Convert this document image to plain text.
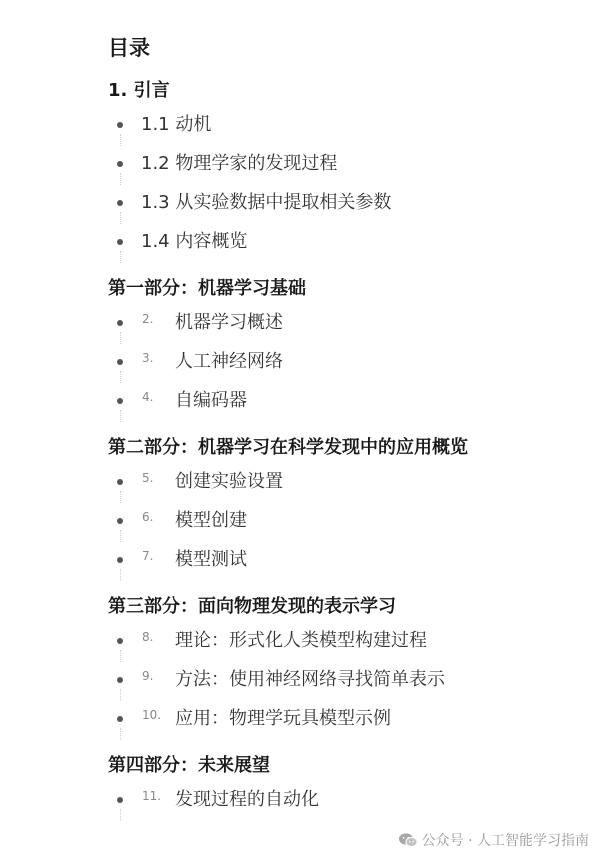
目录
1. 引言
1.1 动机
1.2 物理学家的发现过程
1.3 从实验数据中提取相关参数
1.4 内容概览
第一部分：机器学习基础
2.	机器学习概述
3.	人工神经网络
4.	自编码器
第二部分：机器学习在科学发现中的应用概览
5.	创建实验设置
6.	模型创建
7.	模型测试
第三部分：面向物理发现的表示学习
8.	理论：形式化人类模型构建过程
9.	方法：使用神经网络寻找简单表示
10. 应用：物理学玩具模型示例
第四部分：未来展望
11. 发现过程的自动化
公众号 · 人工智能学习指南
